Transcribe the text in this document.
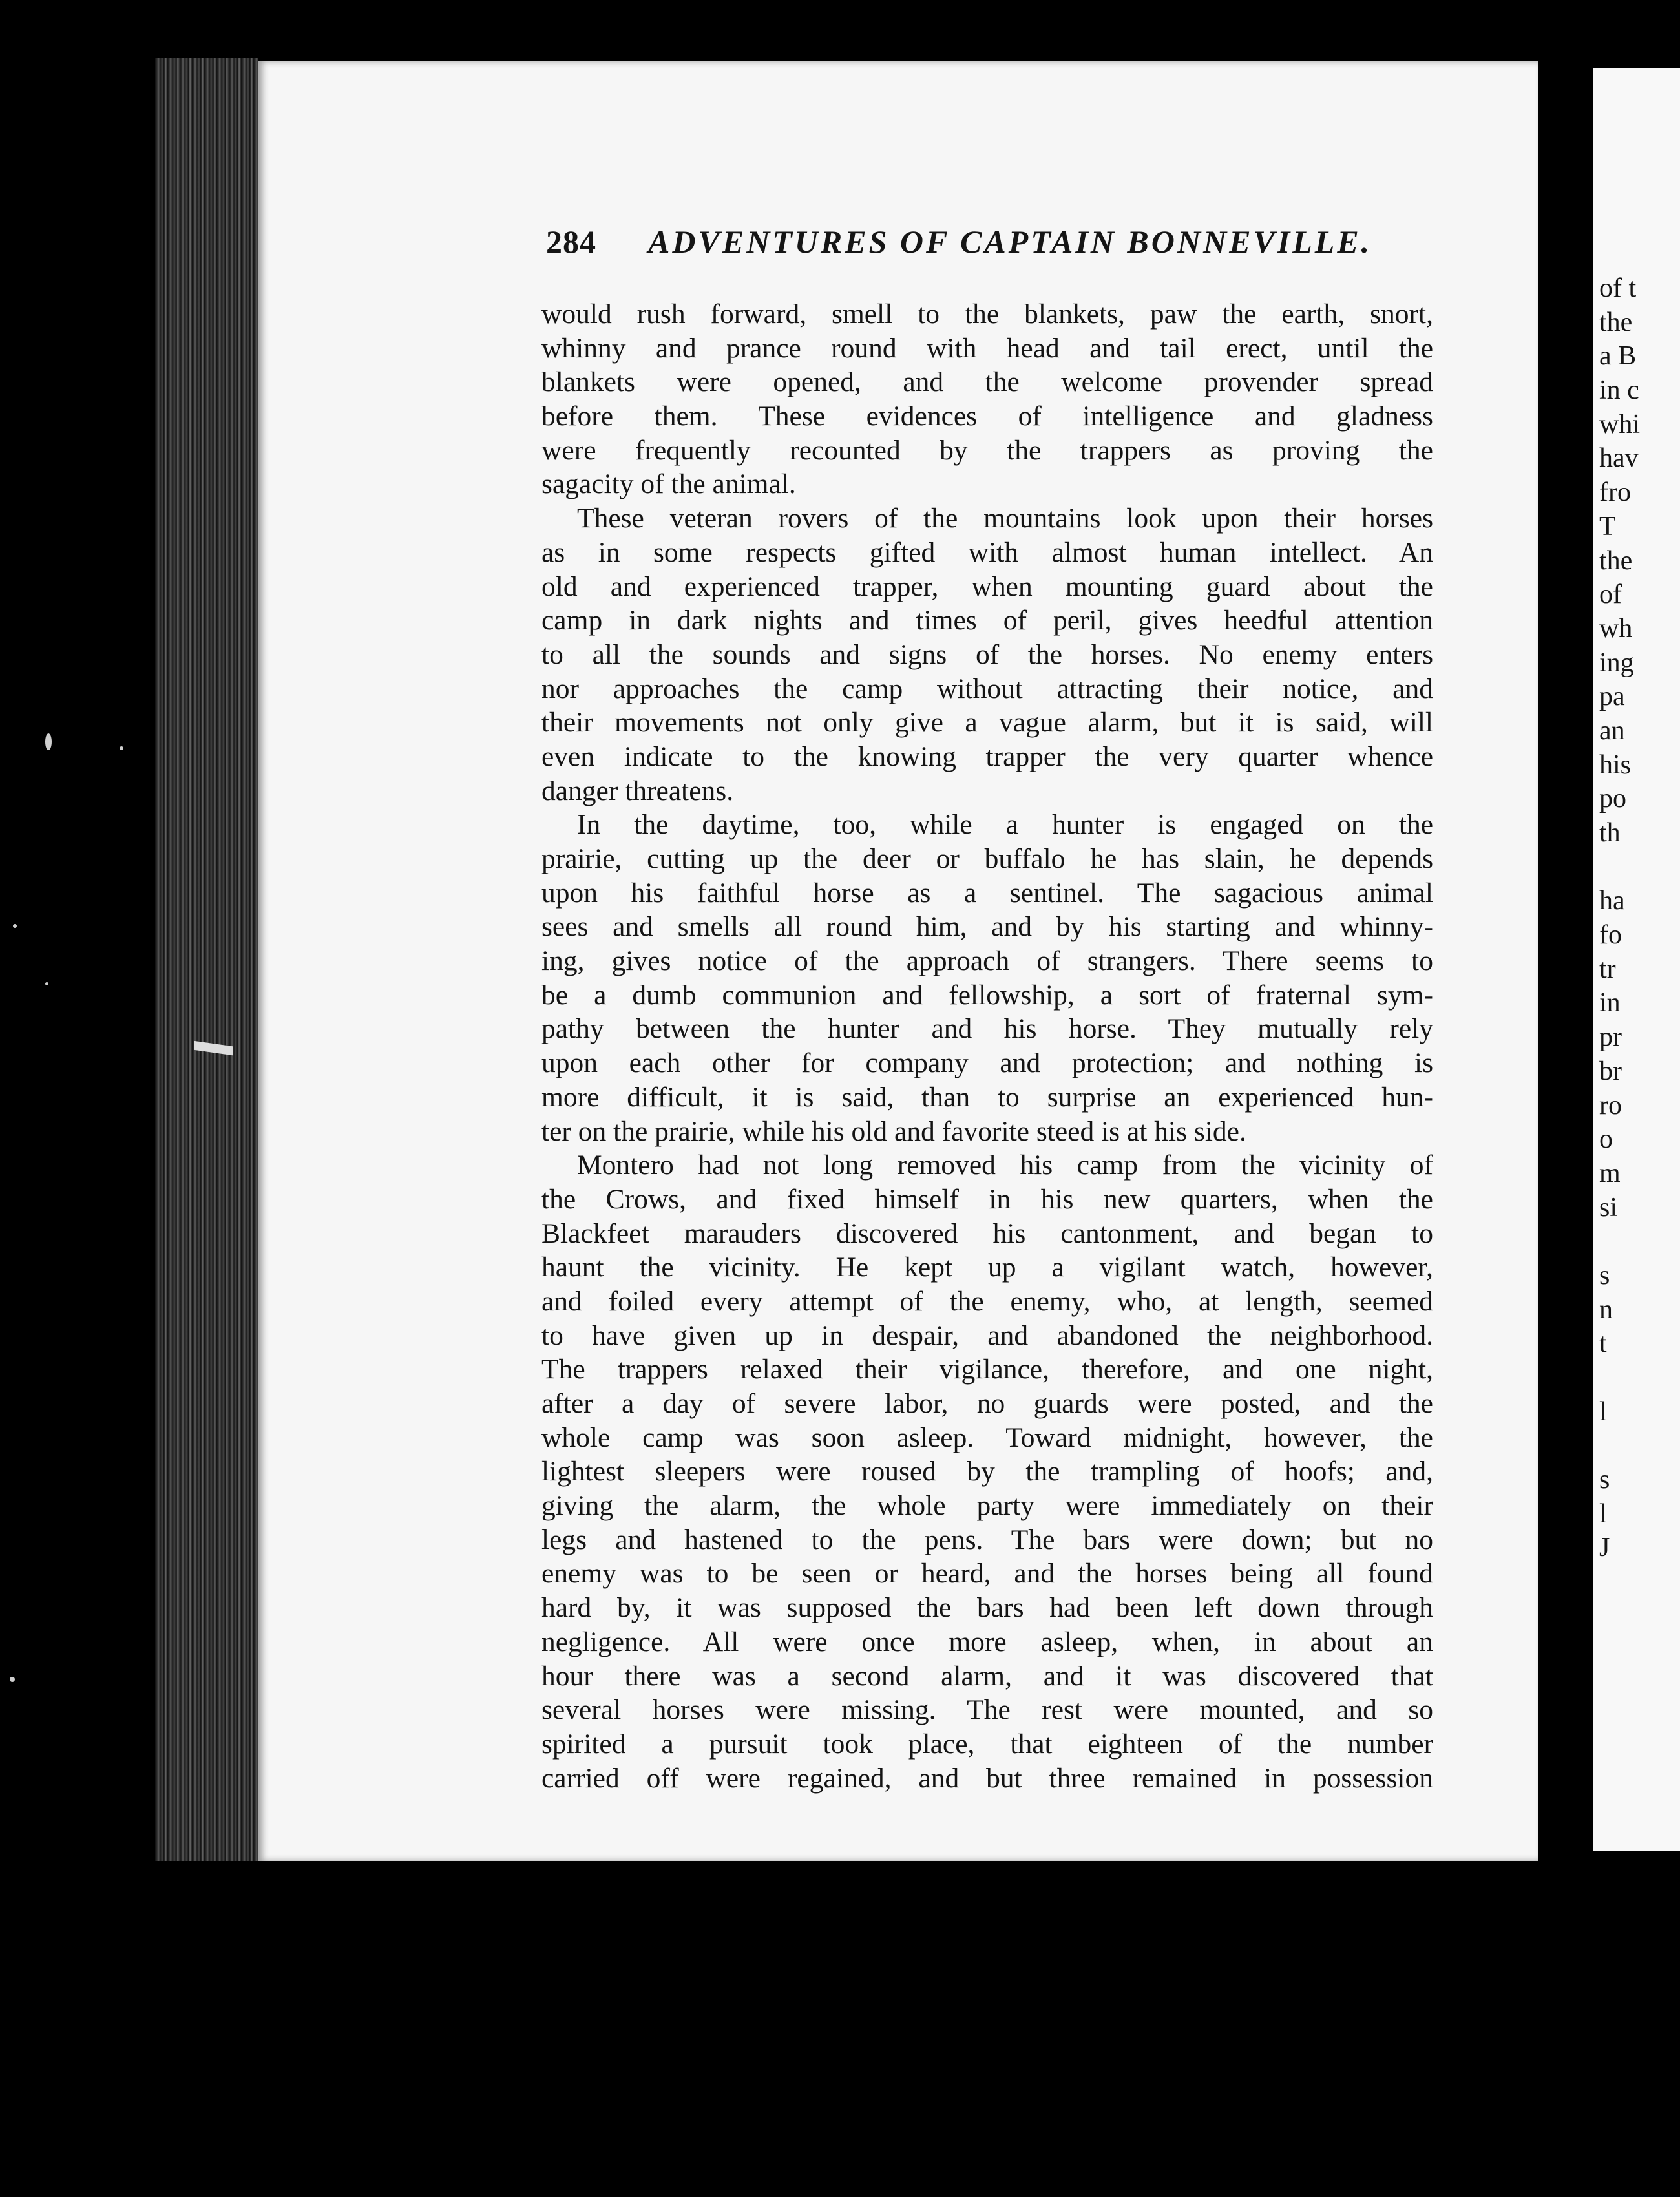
284 ADVENTURES OF CAPTAIN BONNEVILLE.
would rush forward, smell to the blankets, paw the earth, snort,
whinny and prance round with head and tail erect, until the
blankets were opened, and the welcome provender spread
before them. These evidences of intelligence and gladness
were frequently recounted by the trappers as proving the
sagacity of the animal.
These veteran rovers of the mountains look upon their horses
as in some respects gifted with almost human intellect. An
old and experienced trapper, when mounting guard about the
camp in dark nights and times of peril, gives heedful attention
to all the sounds and signs of the horses. No enemy enters
nor approaches the camp without attracting their notice, and
their movements not only give a vague alarm, but it is said, will
even indicate to the knowing trapper the very quarter whence
danger threatens.
In the daytime, too, while a hunter is engaged on the
prairie, cutting up the deer or buffalo he has slain, he depends
upon his faithful horse as a sentinel. The sagacious animal
sees and smells all round him, and by his starting and whinny-
ing, gives notice of the approach of strangers. There seems to
be a dumb communion and fellowship, a sort of fraternal sym-
pathy between the hunter and his horse. They mutually rely
upon each other for company and protection; and nothing is
more difficult, it is said, than to surprise an experienced hun-
ter on the prairie, while his old and favorite steed is at his side.
Montero had not long removed his camp from the vicinity of
the Crows, and fixed himself in his new quarters, when the
Blackfeet marauders discovered his cantonment, and began to
haunt the vicinity. He kept up a vigilant watch, however,
and foiled every attempt of the enemy, who, at length, seemed
to have given up in despair, and abandoned the neighborhood.
The trappers relaxed their vigilance, therefore, and one night,
after a day of severe labor, no guards were posted, and the
whole camp was soon asleep. Toward midnight, however, the
lightest sleepers were roused by the trampling of hoofs; and,
giving the alarm, the whole party were immediately on their
legs and hastened to the pens. The bars were down; but no
enemy was to be seen or heard, and the horses being all found
hard by, it was supposed the bars had been left down through
negligence. All were once more asleep, when, in about an
hour there was a second alarm, and it was discovered that
several horses were missing. The rest were mounted, and so
spirited a pursuit took place, that eighteen of the number
carried off were regained, and but three remained in possession
of t
the
a B
in c
whi
hav
fro
T
the
of
wh
ing
pa
an
his
po
th
ha
fo
tr
in
pr
br
ro
o
m
si
s
n
t
l
s
l
J
